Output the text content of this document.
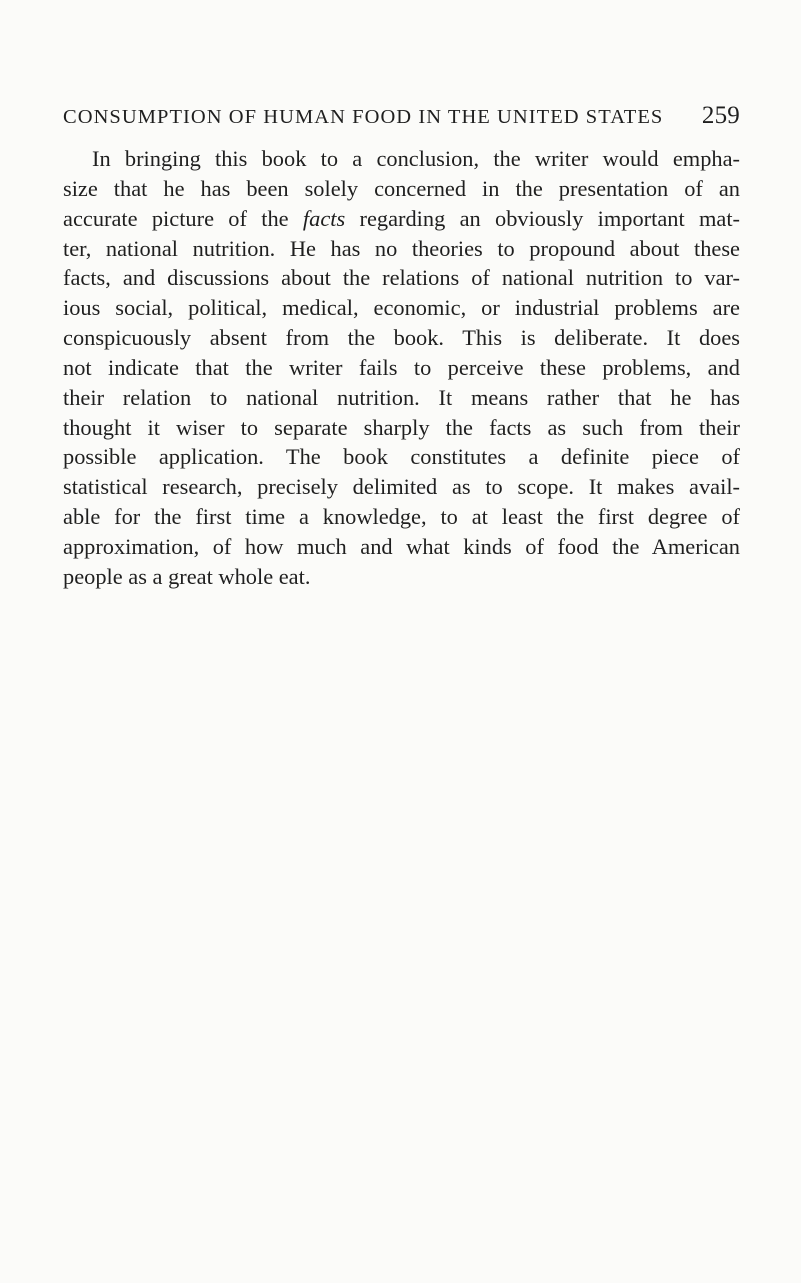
CONSUMPTION OF HUMAN FOOD IN THE UNITED STATES 259

In bringing this book to a conclusion, the writer would empha-
size that he has been solely concerned in the presentation of an
accurate picture of the facts regarding an obviously important mat-
ter, national nutrition. He has no theories to propound about these
facts, and discussions about the relations of national nutrition to var-
ious social, political, medical, economic, or industrial problems are
conspicuously absent from the book. This is deliberate. It does
not indicate that the writer fails to perceive these problems, and
their relation to national nutrition. It means rather that he has
thought it wiser to separate sharply the facts as such from their
possible application. The book constitutes a definite piece of
statistical research, precisely delimited as to scope. It makes avail-
able for the first time a knowledge, to at least the first degree of
approximation, of how much and what kinds of food the American
people as a great whole eat.
